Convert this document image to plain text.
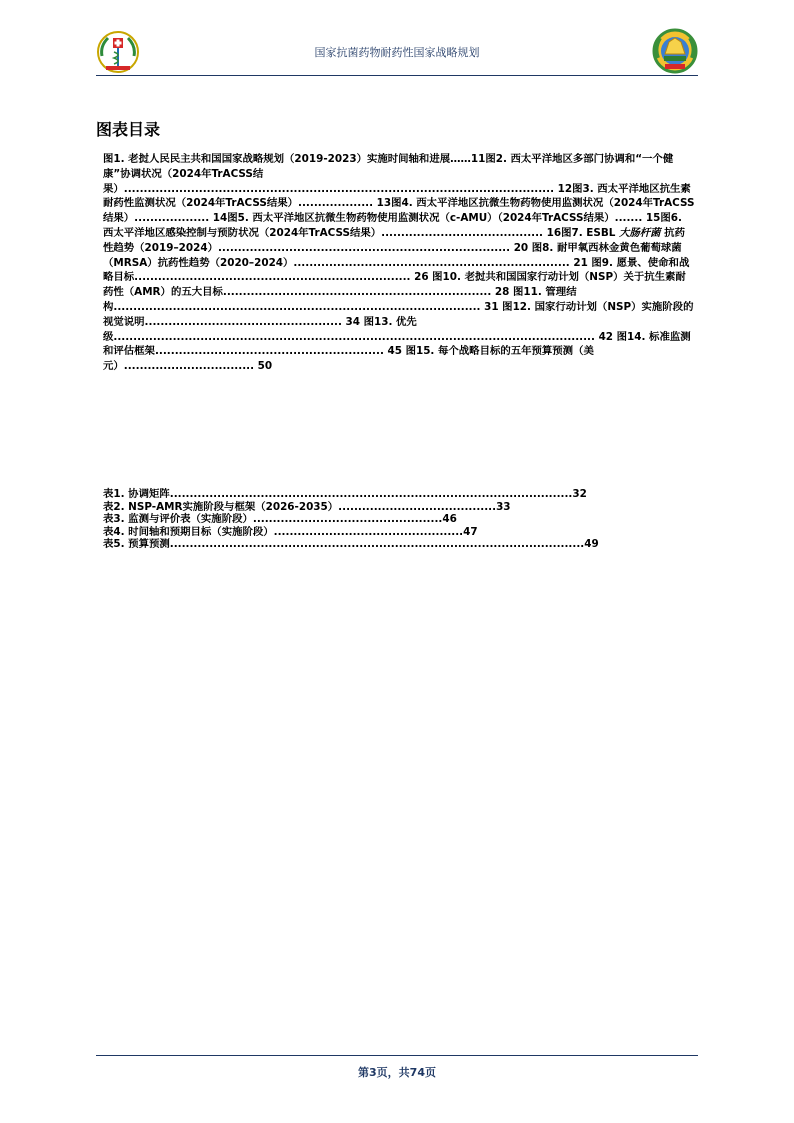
国家抗菌药物耐药性国家战略规划
图表目录

图1. 老挝人民民主共和国国家战略规划（2019-2023）实施时间轴和进展……11图2. 西太平洋地区多部门协调和“一个健康”协调状况（2024年TrACSS结果）............................................................................................................. 12图3. 西太平洋地区抗生素耐药性监测状况（2024年TrACSS结果）................... 13图4. 西太平洋地区抗微生物药物使用监测状况（2024年TrACSS结果）................... 14图5. 西太平洋地区抗微生物药物使用监测状况（c-AMU）（2024年TrACSS结果）....... 15图6. 西太平洋地区感染控制与预防状况（2024年TrACSS结果）......................................... 16图7. ESBL 大肠杆菌 抗药性趋势（2019–2024）.......................................................................... 20 图8. 耐甲氧西林金黄色葡萄球菌（MRSA）抗药性趋势（2020–2024）...................................................................... 21 图9. 愿景、使命和战略目标...................................................................... 26 图10. 老挝共和国国家行动计划（NSP）关于抗生素耐药性（AMR）的五大目标.................................................................... 28 图11. 管理结构............................................................................................. 31 图12. 国家行动计划（NSP）实施阶段的视觉说明.................................................. 34 图13. 优先级.......................................................................................................................... 42 图14. 标准监测和评估框架.......................................................... 45 图15. 每个战略目标的五年预算预测（美元）................................. 50

表1. 协调矩阵 ...................................................................................................... 32
表2. NSP-AMR实施阶段与框架（2026-2035） ........................................ 33
表3. 监测与评价表（实施阶段） ................................................ 46
表4. 时间轴和预期目标（实施阶段） ................................................ 47
表5. 预算预测 ......................................................................................................... 49
第3页，共74页
